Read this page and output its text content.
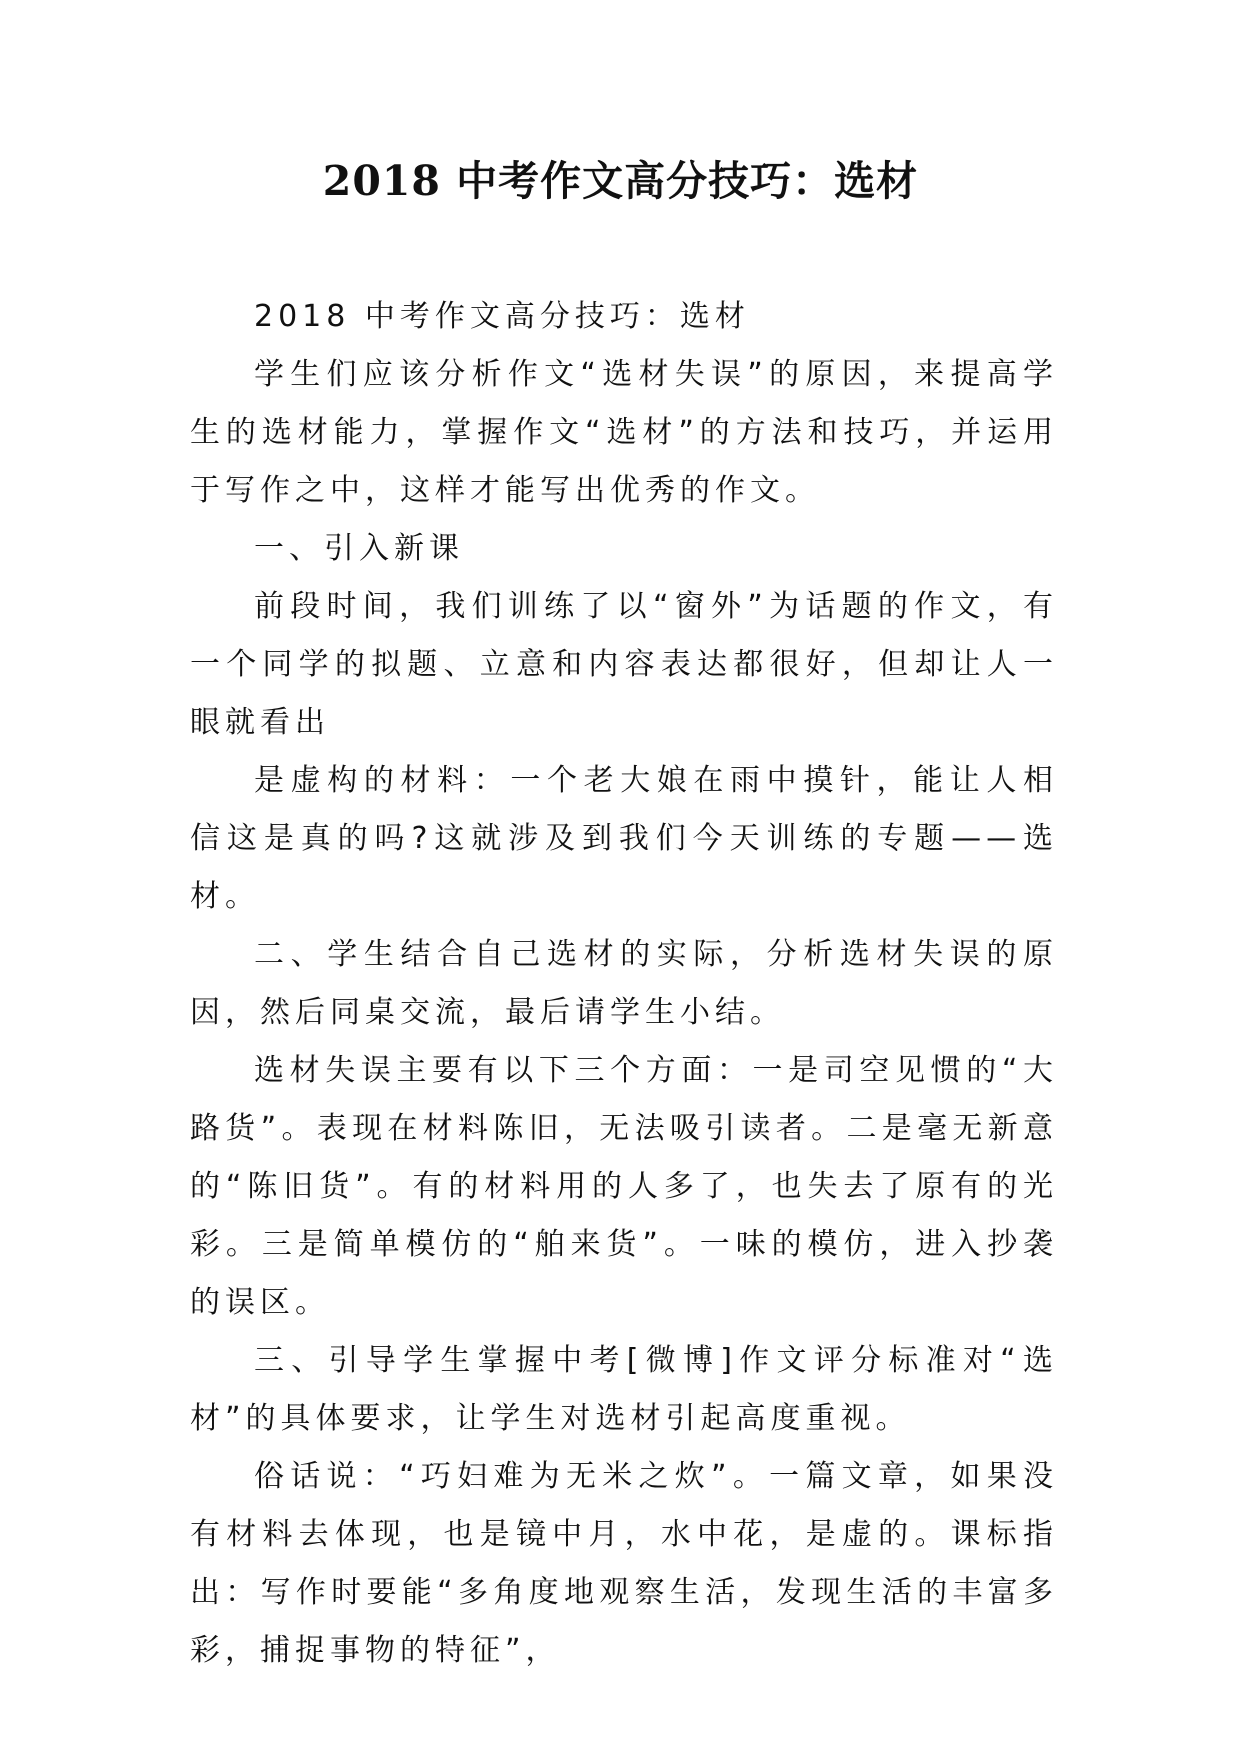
2018 中考作文高分技巧：选材

2018 中考作文高分技巧：选材

学生们应该分析作文“选材失误”的原因，来提高学生的选材能力，掌握作文“选材”的方法和技巧，并运用于写作之中，这样才能写出优秀的作文。

一、引入新课

前段时间，我们训练了以“窗外”为话题的作文，有一个同学的拟题、立意和内容表达都很好，但却让人一眼就看出

是虚构的材料：一个老大娘在雨中摸针，能让人相信这是真的吗?这就涉及到我们今天训练的专题——选材。

二、学生结合自己选材的实际，分析选材失误的原因，然后同桌交流，最后请学生小结。

选材失误主要有以下三个方面：一是司空见惯的“大路货”。表现在材料陈旧，无法吸引读者。二是毫无新意的“陈旧货”。有的材料用的人多了，也失去了原有的光彩。三是简单模仿的“舶来货”。一味的模仿，进入抄袭的误区。

三、引导学生掌握中考[微博]作文评分标准对“选材”的具体要求，让学生对选材引起高度重视。

俗话说：“巧妇难为无米之炊”。一篇文章，如果没有材料去体现，也是镜中月，水中花，是虚的。课标指出：写作时要能“多角度地观察生活，发现生活的丰富多彩，捕捉事物的特征”，
